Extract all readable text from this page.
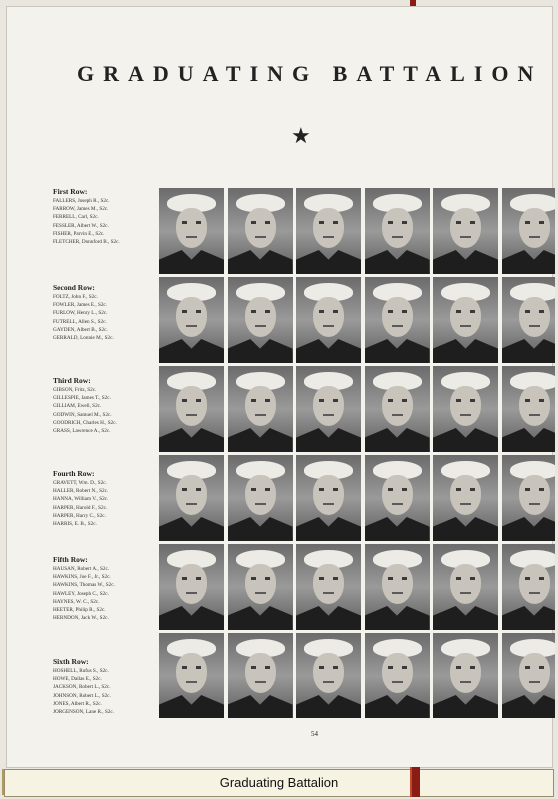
GRADUATING BATTALION
★
First Row:
FALLERS, Joseph R., S2c.
FARROW, James M., S2c.
FERRELL, Carl, S2c.
FESSLER, Albert W., S2c.
FISHER, Parvin E., S2c.
FLETCHER, Donnford B., S2c.
Second Row:
FOLTZ, John F., S2c.
FOWLER, James E., S2c.
FURLOW, Henry L., S2c.
FUTRELL, Allen S., S2c.
GAYDEN, Albert B., S2c.
GERRALD, Lonnie M., S2c.
Third Row:
GIBSON, Fritz, S2c.
GILLESPIE, James T., S2c.
GILLIAM, Ewell, S2c.
GODWIN, Samuel M., S2c.
GOODRICH, Charles H., S2c.
GRASS, Lawrence A., S2c.
Fourth Row:
GRAVETT, Wm. D., S2c.
HALLER, Robert N., S2c.
HANNA, William V., S2c.
HARPER, Harold F., S2c.
HARPER, Harry C., S2c.
HARRIS, E. B., S2c.
Fifth Row:
HAUSAN, Robert A., S2c.
HAWKINS, Joe F., Jr., S2c.
HAWKINS, Thomas W., S2c.
HAWLEY, Joseph C., S2c.
HAYNES, W. C., S2c.
HEETER, Philip R., S2c.
HERNDON, Jack W., S2c.
Sixth Row:
HOSHELL, Rufus S., S2c.
HOWE, Dallas E., S2c.
JACKSON, Robert L., S2c.
JOHNSON, Robert L., S2c.
JONES, Albert R., S2c.
JORGENSON, Lane R., S2c.
54
Graduating Battalion
